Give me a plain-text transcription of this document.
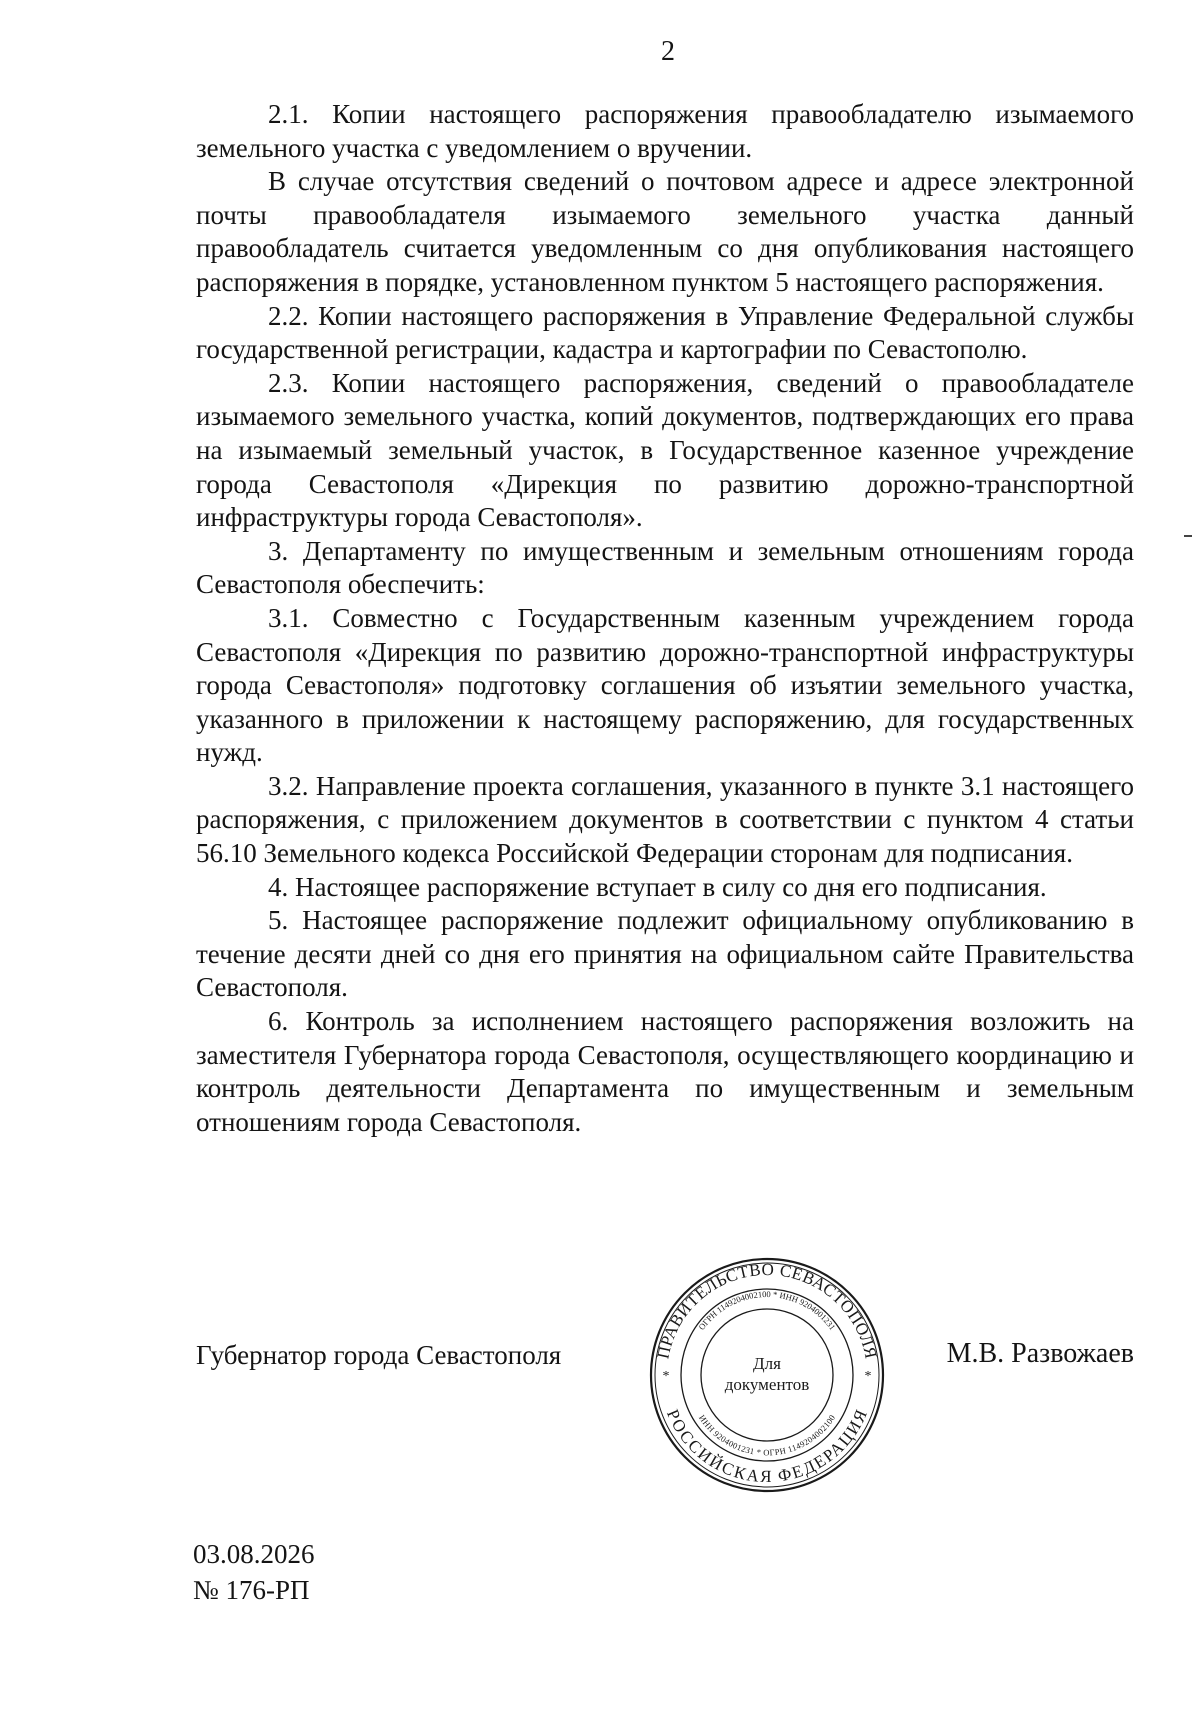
2

2.1. Копии настоящего распоряжения правообладателю изымаемого земельного участка с уведомлением о вручении.

В случае отсутствия сведений о почтовом адресе и адресе электронной почты правообладателя изымаемого земельного участка данный правообладатель считается уведомленным со дня опубликования настоящего распоряжения в порядке, установленном пунктом 5 настоящего распоряжения.

2.2. Копии настоящего распоряжения в Управление Федеральной службы государственной регистрации, кадастра и картографии по Севастополю.

2.3. Копии настоящего распоряжения, сведений о правообладателе изымаемого земельного участка, копий документов, подтверждающих его права на изымаемый земельный участок, в Государственное казенное учреждение города Севастополя «Дирекция по развитию дорожно-транспортной инфраструктуры города Севастополя».

3. Департаменту по имущественным и земельным отношениям города Севастополя обеспечить:

3.1. Совместно с Государственным казенным учреждением города Севастополя «Дирекция по развитию дорожно-транспортной инфраструктуры города Севастополя» подготовку соглашения об изъятии земельного участка, указанного в приложении к настоящему распоряжению, для государственных нужд.

3.2. Направление проекта соглашения, указанного в пункте 3.1 настоящего распоряжения, с приложением документов в соответствии с пунктом 4 статьи 56.10 Земельного кодекса Российской Федерации сторонам для подписания.

4. Настоящее распоряжение вступает в силу со дня его подписания.

5. Настоящее распоряжение подлежит официальному опубликованию в течение десяти дней со дня его принятия на официальном сайте Правительства Севастополя.

6. Контроль за исполнением настоящего распоряжения возложить на заместителя Губернатора города Севастополя, осуществляющего координацию и контроль деятельности Департамента по имущественным и земельным отношениям города Севастополя.

Губернатор города Севастополя	М.В. Развожаев
ПРАВИТЕЛЬСТВО СЕВАСТОПОЛЯ
РОССИЙСКАЯ ФЕДЕРАЦИЯ
ОГРН 1149204002100 * ИНН 9204001231
ИНН 9204001231 * ОГРН 1149204002100
*	*
Для
документов
03.08.2026
№ 176-РП
